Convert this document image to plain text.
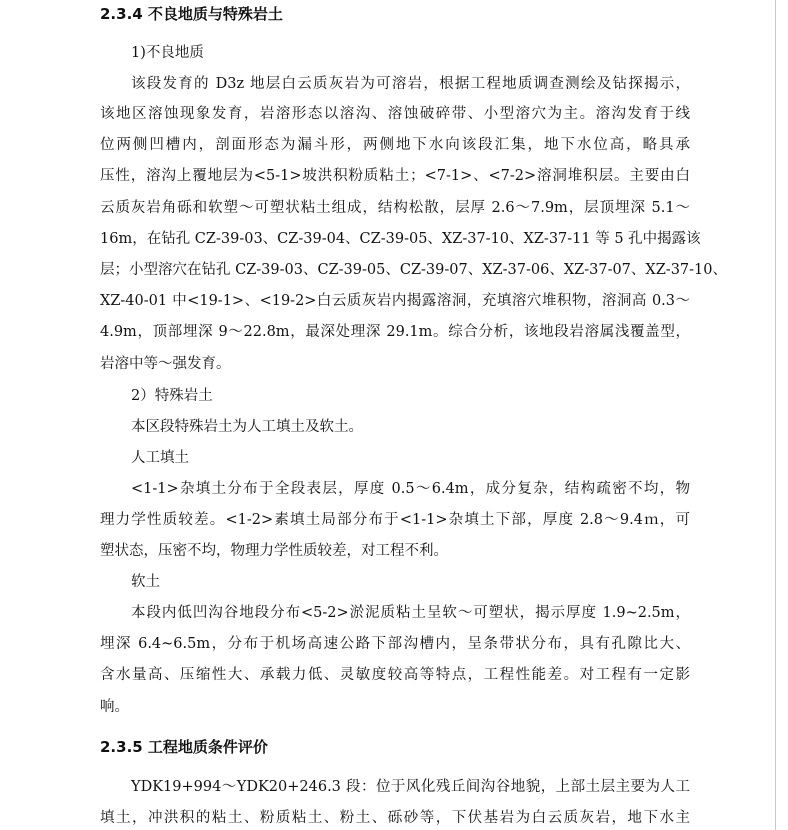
2.3.4 不良地质与特殊岩土
1)不良地质
该段发育的 D3z 地层白云质灰岩为可溶岩，根据工程地质调查测绘及钻探揭示，
该地区溶蚀现象发育，岩溶形态以溶沟、溶蚀破碎带、小型溶穴为主。溶沟发育于线
位两侧凹槽内，剖面形态为漏斗形，两侧地下水向该段汇集，地下水位高，略具承
压性，溶沟上覆地层为<5-1>坡洪积粉质粘土；<7-1>、<7-2>溶洞堆积层。主要由白
云质灰岩角砾和软塑～可塑状粘土组成，结构松散，层厚 2.6～7.9m，层顶埋深 5.1～
16m，在钻孔 CZ-39-03、CZ-39-04、CZ-39-05、XZ-37-10、XZ-37-11 等 5 孔中揭露该
层；小型溶穴在钻孔 CZ-39-03、CZ-39-05、CZ-39-07、XZ-37-06、XZ-37-07、XZ-37-10、
XZ-40-01 中<19-1>、<19-2>白云质灰岩内揭露溶洞，充填溶穴堆积物，溶洞高 0.3～
4.9m，顶部埋深 9～22.8m，最深处理深 29.1m。综合分析，该地段岩溶属浅覆盖型，
岩溶中等～强发育。
2）特殊岩土
本区段特殊岩土为人工填土及软土。
人工填土
<1-1>杂填土分布于全段表层，厚度 0.5～6.4m，成分复杂，结构疏密不均，物
理力学性质较差。<1-2>素填土局部分布于<1-1>杂填土下部，厚度 2.8～9.4ｍ，可
塑状态，压密不均，物理力学性质较差，对工程不利。
软土
本段内低凹沟谷地段分布<5-2>淤泥质粘土呈软～可塑状，揭示厚度 1.9~2.5m，
埋深 6.4~6.5m，分布于机场高速公路下部沟槽内，呈条带状分布，具有孔隙比大、
含水量高、压缩性大、承载力低、灵敏度较高等特点，工程性能差。对工程有一定影
响。
2.3.5 工程地质条件评价
YDK19+994～YDK20+246.3 段：位于风化残丘间沟谷地貌，上部土层主要为人工
填土，冲洪积的粘土、粉质粘土、粉土、砾砂等，下伏基岩为白云质灰岩，地下水主
